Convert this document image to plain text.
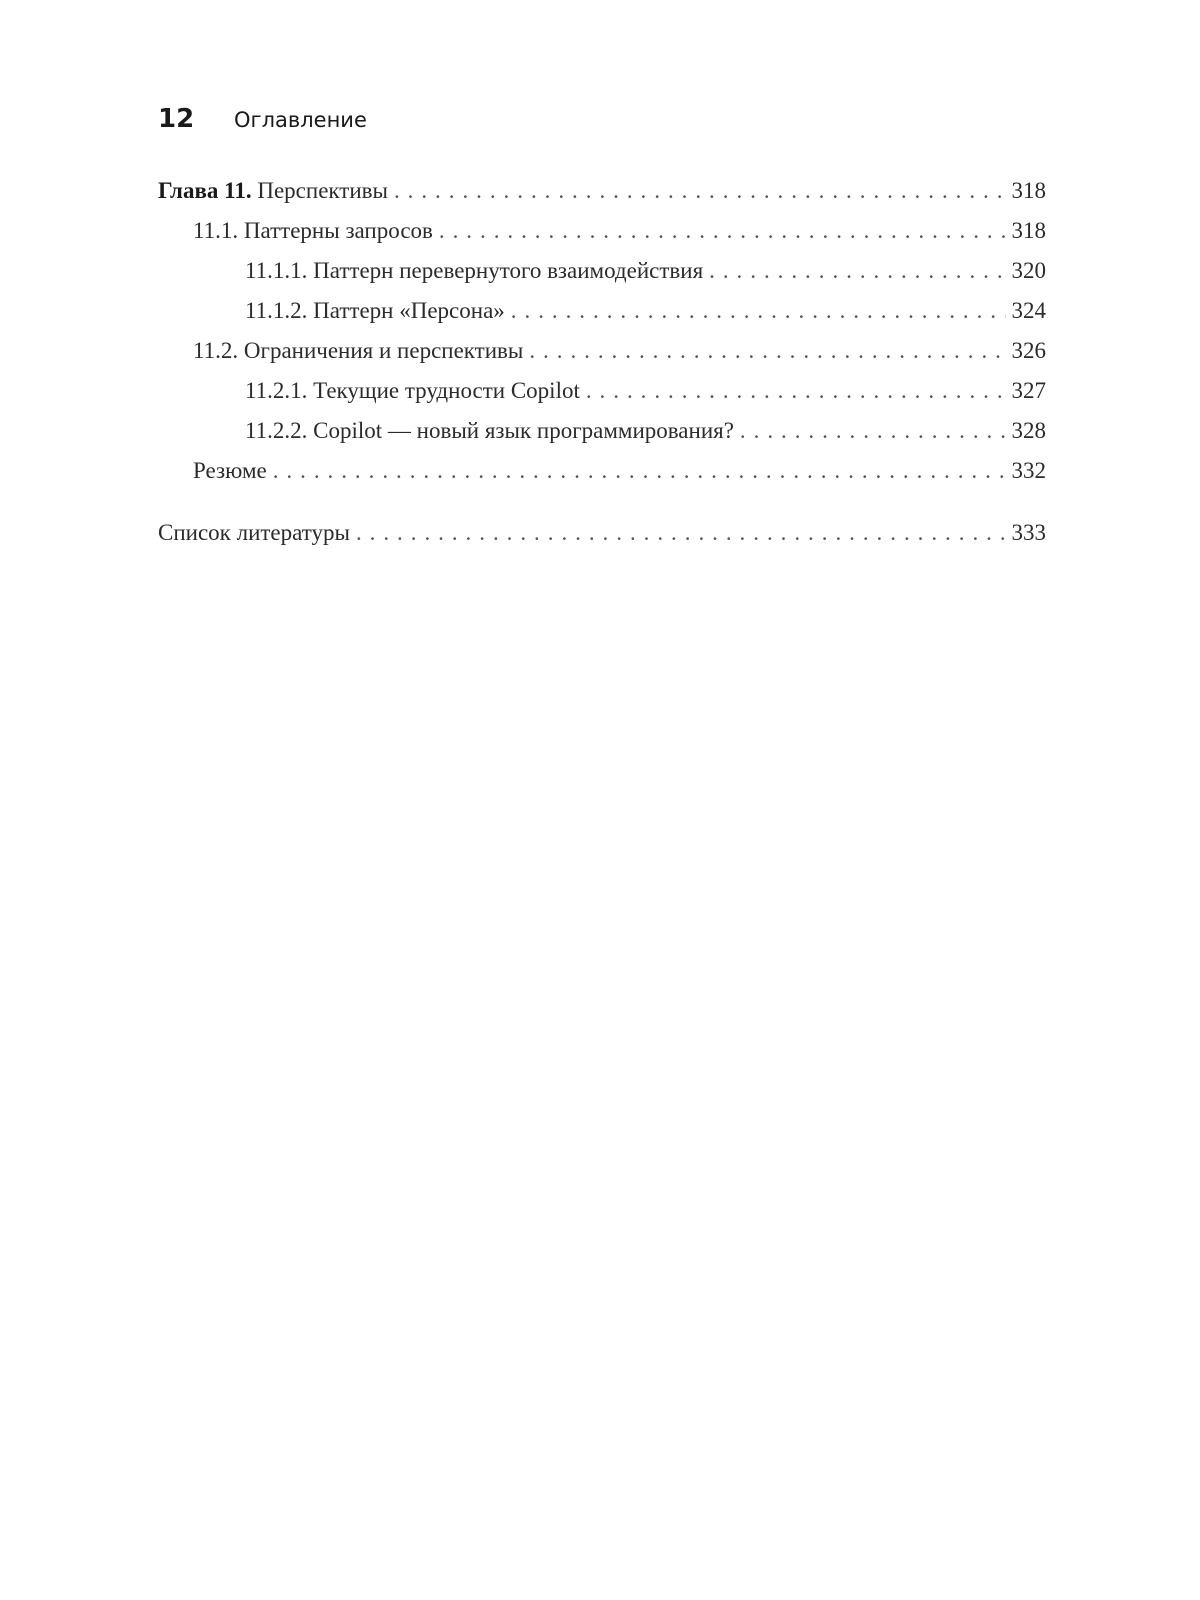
12	Оглавление
Глава 11. Перспективы . . .	318
11.1. Паттерны запросов . . .	318
11.1.1. Паттерн перевернутого взаимодействия . . .	320
11.1.2. Паттерн «Персона» . . .	324
11.2. Ограничения и перспективы . . .	326
11.2.1. Текущие трудности Copilot . . .	327
11.2.2. Copilot — новый язык программирования? . . .	328
Резюме . . .	332
Список литературы . . .	333
